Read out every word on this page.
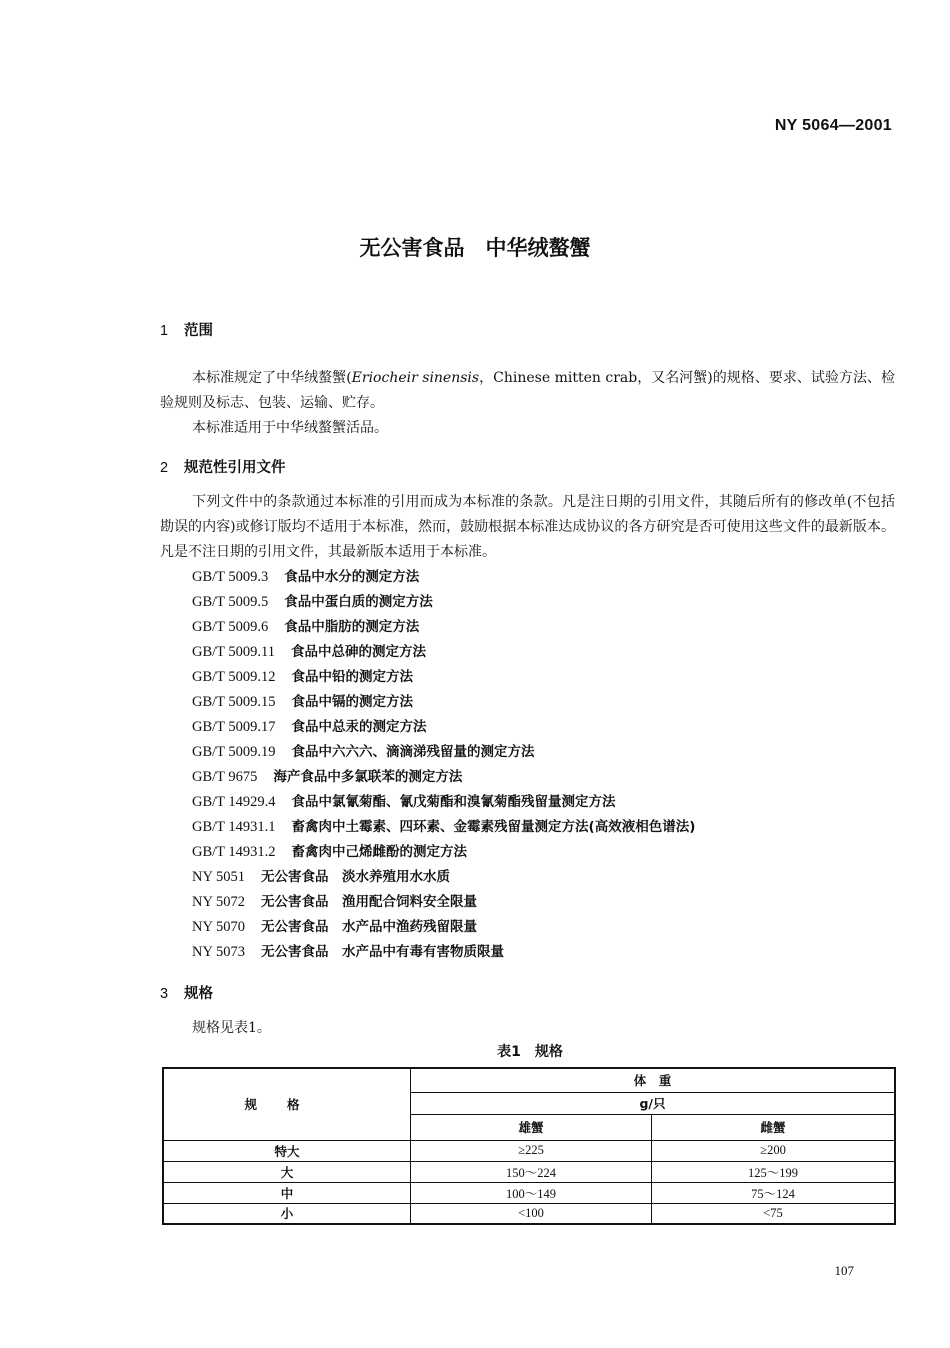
NY 5064—2001
无公害食品　中华绒螯蟹
1 范围
本标准规定了中华绒螯蟹(Eriocheir sinensis，Chinese mitten crab，又名河蟹)的规格、要求、试验方法、检验规则及标志、包装、运输、贮存。
本标准适用于中华绒螯蟹活品。
2 规范性引用文件
下列文件中的条款通过本标准的引用而成为本标准的条款。凡是注日期的引用文件，其随后所有的修改单(不包括勘误的内容)或修订版均不适用于本标准，然而，鼓励根据本标准达成协议的各方研究是否可使用这些文件的最新版本。凡是不注日期的引用文件，其最新版本适用于本标准。
GB/T 5009.3 食品中水分的测定方法
GB/T 5009.5 食品中蛋白质的测定方法
GB/T 5009.6 食品中脂肪的测定方法
GB/T 5009.11 食品中总砷的测定方法
GB/T 5009.12 食品中铅的测定方法
GB/T 5009.15 食品中镉的测定方法
GB/T 5009.17 食品中总汞的测定方法
GB/T 5009.19 食品中六六六、滴滴涕残留量的测定方法
GB/T 9675 海产食品中多氯联苯的测定方法
GB/T 14929.4 食品中氯氰菊酯、氰戊菊酯和溴氰菊酯残留量测定方法
GB/T 14931.1 畜禽肉中土霉素、四环素、金霉素残留量测定方法(高效液相色谱法)
GB/T 14931.2 畜禽肉中己烯雌酚的测定方法
NY 5051 无公害食品　淡水养殖用水水质
NY 5072 无公害食品　渔用配合饲料安全限量
NY 5070 无公害食品　水产品中渔药残留限量
NY 5073 无公害食品　水产品中有毒有害物质限量
3 规格
规格见表1。
表1　规格
规格	体　重	
	g/只	
	雄蟹	雌蟹
特大	≥225	≥200
大	150～224	125～199
中	100～149	75～124
小	<100	<75
107
